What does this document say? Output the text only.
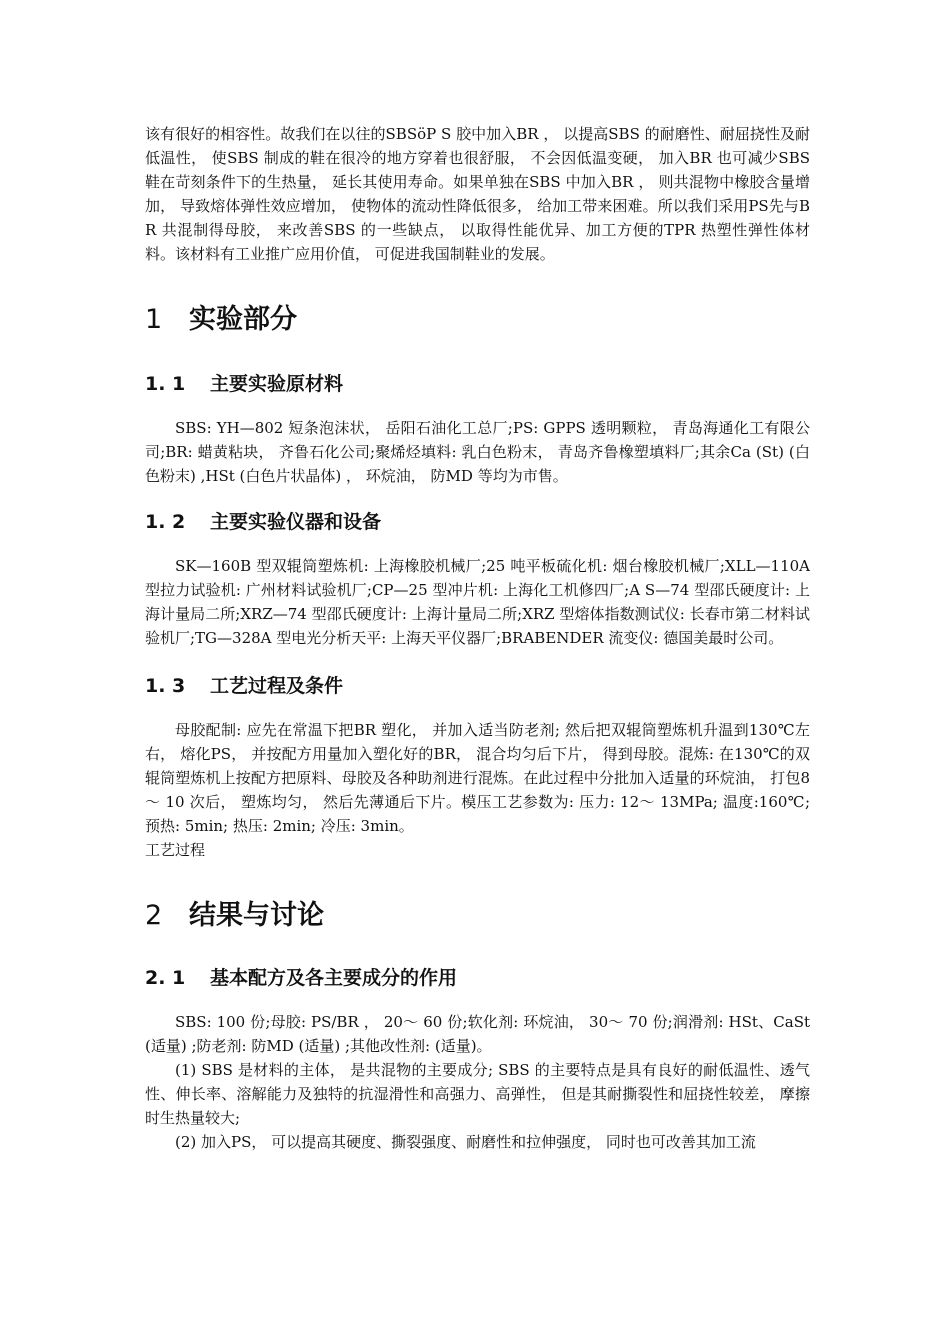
该有很好的相容性。故我们在以往的SBSöP S 胶中加入BR ， 以提高SBS 的耐磨性、耐屈挠性及耐低温性， 使SBS 制成的鞋在很冷的地方穿着也很舒服， 不会因低温变硬， 加入BR 也可减少SBS 鞋在苛刻条件下的生热量， 延长其使用寿命。如果单独在SBS 中加入BR ， 则共混物中橡胶含量增加， 导致熔体弹性效应增加， 使物体的流动性降低很多， 给加工带来困难。所以我们采用PS先与BR 共混制得母胶， 来改善SBS 的一些缺点， 以取得性能优异、加工方便的TPR 热塑性弹性体材料。该材料有工业推广应用价值， 可促进我国制鞋业的发展。

1 实验部分
1. 1	主要实验原材料

SBS: YH—802 短条泡沫状， 岳阳石油化工总厂;PS: GPPS 透明颗粒， 青岛海通化工有限公司;BR: 蜡黄粘块， 齐鲁石化公司;聚烯烃填料: 乳白色粉末， 青岛齐鲁橡塑填料厂;其余Ca (St) (白色粉末) ,HSt (白色片状晶体) ， 环烷油， 防MD 等均为市售。

1. 2	主要实验仪器和设备

SK—160B 型双辊筒塑炼机: 上海橡胶机械厂;25 吨平板硫化机: 烟台橡胶机械厂;XLL—110A 型拉力试验机: 广州材料试验机厂;CP—25 型冲片机: 上海化工机修四厂;A S—74 型邵氏硬度计: 上海计量局二所;XRZ—74 型邵氏硬度计: 上海计量局二所;XRZ 型熔体指数测试仪: 长春市第二材料试验机厂;TG—328A 型电光分析天平: 上海天平仪器厂;BRABENDER 流变仪: 德国美最时公司。

1. 3	工艺过程及条件

母胶配制: 应先在常温下把BR 塑化， 并加入适当防老剂; 然后把双辊筒塑炼机升温到130℃左右， 熔化PS， 并按配方用量加入塑化好的BR， 混合均匀后下片， 得到母胶。混炼: 在130℃的双辊筒塑炼机上按配方把原料、母胶及各种助剂进行混炼。在此过程中分批加入适量的环烷油， 打包8～ 10 次后， 塑炼均匀， 然后先薄通后下片。模压工艺参数为: 压力: 12～ 13MPa; 温度:160℃; 预热: 5min; 热压: 2min; 冷压: 3min。

工艺过程

2 结果与讨论
2. 1	基本配方及各主要成分的作用

SBS: 100 份;母胶: PS/BR ， 20～ 60 份;软化剂: 环烷油， 30～ 70 份;润滑剂: HSt、CaSt (适量) ;防老剂: 防MD (适量) ;其他改性剂: (适量)。

(1) SBS 是材料的主体， 是共混物的主要成分; SBS 的主要特点是具有良好的耐低温性、透气性、伸长率、溶解能力及独特的抗湿滑性和高强力、高弹性， 但是其耐撕裂性和屈挠性较差， 摩擦时生热量较大;

(2) 加入PS， 可以提高其硬度、撕裂强度、耐磨性和拉伸强度， 同时也可改善其加工流
